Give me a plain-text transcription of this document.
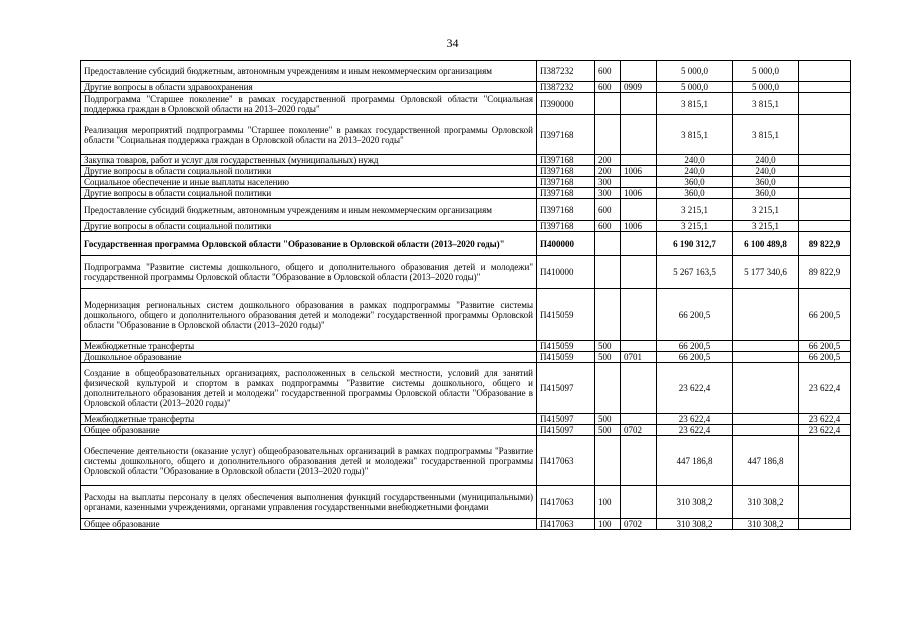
34
Предоставление субсидий бюджетным, автономным учреждениям и иным некоммерческим организациям	П387232	600		5 000,0	5 000,0	
Другие вопросы в области здравоохранения	П387232	600	0909	5 000,0	5 000,0	
Подпрограмма "Старшее поколение" в рамках государственной программы Орловской области "Социальная поддержка граждан в Орловской области на 2013–2020 годы"	П390000			3 815,1	3 815,1	
Реализация мероприятий подпрограммы "Старшее поколение" в рамках государственной программы Орловской области "Социальная поддержка граждан в Орловской области на 2013–2020 годы"	П397168			3 815,1	3 815,1	
Закупка товаров, работ и услуг для государственных (муниципальных) нужд	П397168	200		240,0	240,0	
Другие вопросы в области социальной политики	П397168	200	1006	240,0	240,0	
Социальное обеспечение и иные выплаты населению	П397168	300		360,0	360,0	
Другие вопросы в области социальной политики	П397168	300	1006	360,0	360,0	
Предоставление субсидий бюджетным, автономным учреждениям и иным некоммерческим организациям	П397168	600		3 215,1	3 215,1	
Другие вопросы в области социальной политики	П397168	600	1006	3 215,1	3 215,1	
Государственная программа Орловской области "Образование в Орловской области (2013–2020 годы)"	П400000			6 190 312,7	6 100 489,8	89 822,9
Подпрограмма "Развитие системы дошкольного, общего и дополнительного образования детей и молодежи" государственной программы Орловской области "Образование в Орловской области (2013–2020 годы)"	П410000			5 267 163,5	5 177 340,6	89 822,9
Модернизация региональных систем дошкольного образования в рамках подпрограммы "Развитие системы дошкольного, общего и дополнительного образования детей и молодежи" государственной программы Орловской области "Образование в Орловской области (2013–2020 годы)"	П415059			66 200,5		66 200,5
Межбюджетные трансферты	П415059	500		66 200,5		66 200,5
Дошкольное образование	П415059	500	0701	66 200,5		66 200,5
Создание в общеобразовательных организациях, расположенных в сельской местности, условий для занятий физической культурой и спортом в рамках подпрограммы "Развитие системы дошкольного, общего и дополнительного образования детей и молодежи" государственной программы Орловской области "Образование в Орловской области (2013–2020 годы)"	П415097			23 622,4		23 622,4
Межбюджетные трансферты	П415097	500		23 622,4		23 622,4
Общее образование	П415097	500	0702	23 622,4		23 622,4
Обеспечение деятельности (оказание услуг) общеобразовательных организаций в рамках подпрограммы "Развитие системы дошкольного, общего и дополнительного образования детей и молодежи" государственной программы Орловской области "Образование в Орловской области (2013–2020 годы)"	П417063			447 186,8	447 186,8	
Расходы на выплаты персоналу в целях обеспечения выполнения функций государственными (муниципальными) органами, казенными учреждениями, органами управления государственными внебюджетными фондами	П417063	100		310 308,2	310 308,2	
Общее образование	П417063	100	0702	310 308,2	310 308,2	
